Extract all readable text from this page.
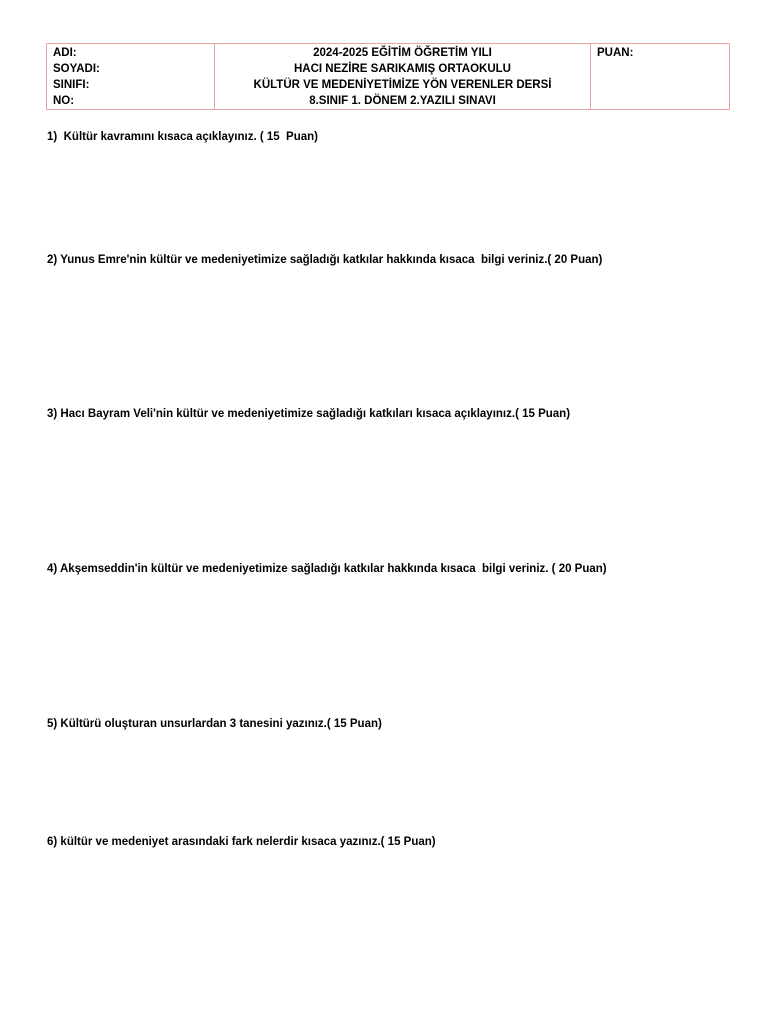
ADI:
SOYADI:
SINIFI:
NO:

2024-2025 EĞİTİM ÖĞRETİM YILI
HACI NEZİRE SARIKAMIŞ ORTAOKULU
KÜLTÜR VE MEDENİYETİMİZE YÖN VERENLER DERSİ
8.SINIF 1. DÖNEM 2.YAZILI SINAVI

PUAN:
1)  Kültür kavramını kısaca açıklayınız. ( 15  Puan)
2) Yunus Emre'nin kültür ve medeniyetimize sağladığı katkılar hakkında kısaca  bilgi veriniz.( 20 Puan)
3) Hacı Bayram Veli'nin kültür ve medeniyetimize sağladığı katkıları kısaca açıklayınız.( 15 Puan)
4) Akşemseddin'in kültür ve medeniyetimize sağladığı katkılar hakkında kısaca  bilgi veriniz. ( 20 Puan)
5) Kültürü oluşturan unsurlardan 3 tanesini yazınız.( 15 Puan)
6) kültür ve medeniyet arasındaki fark nelerdir kısaca yazınız.( 15 Puan)
